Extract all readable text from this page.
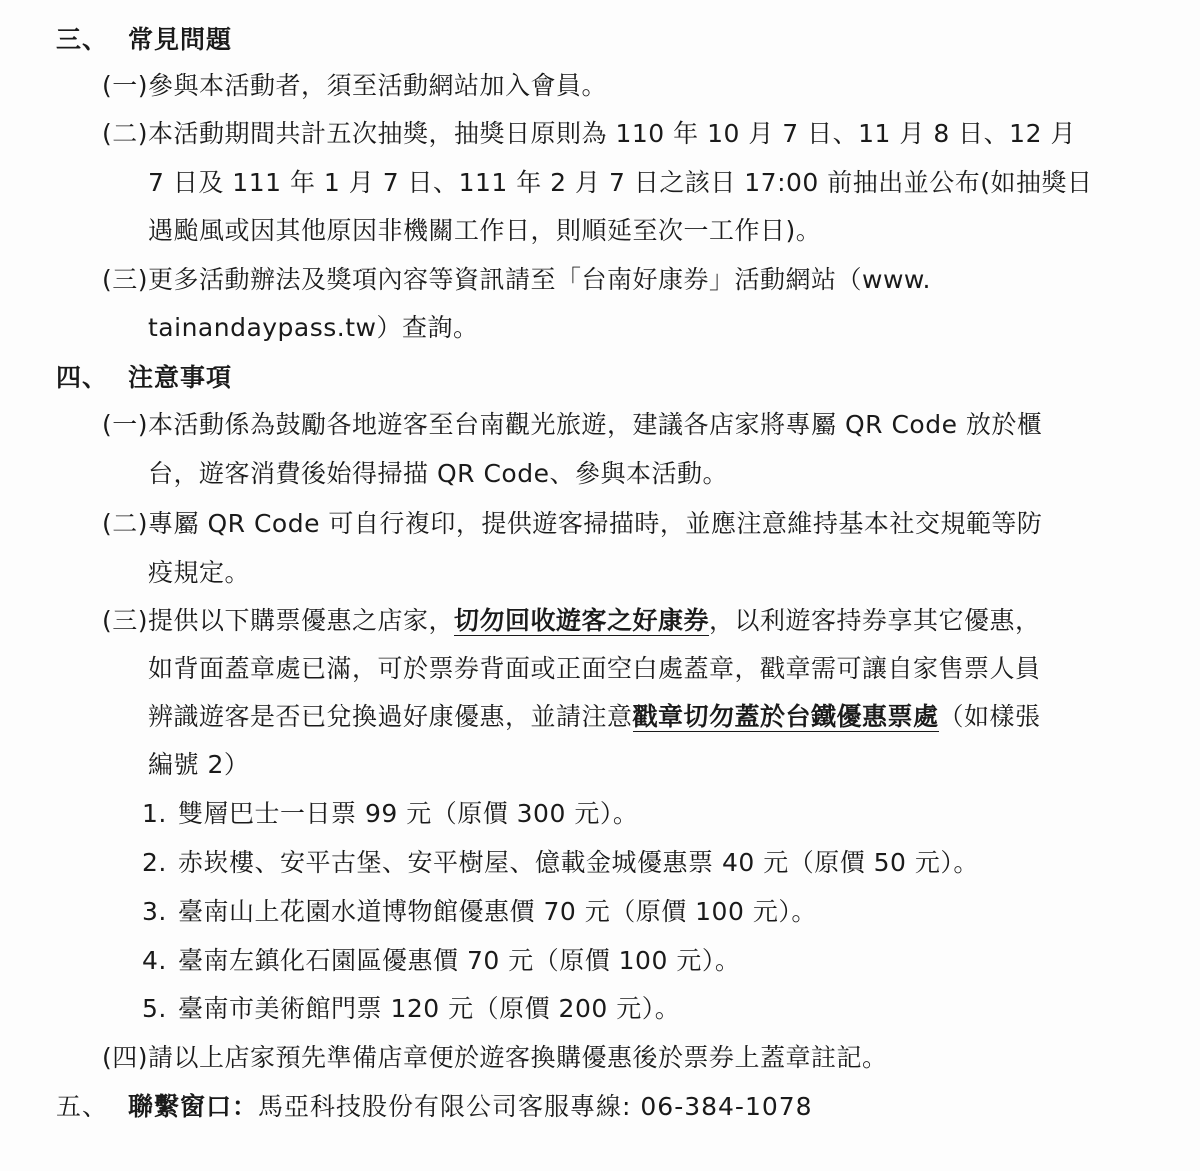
三、 常見問題
(一)參與本活動者，須至活動網站加入會員。
(二)本活動期間共計五次抽獎，抽獎日原則為 110 年 10 月 7 日、11 月 8 日、12 月
7 日及 111 年 1 月 7 日、111 年 2 月 7 日之該日 17:00 前抽出並公布(如抽獎日
遇颱風或因其他原因非機關工作日，則順延至次一工作日)。
(三)更多活動辦法及獎項內容等資訊請至「台南好康券」活動網站（www.
tainandaypass.tw）查詢。
四、 注意事項
(一)本活動係為鼓勵各地遊客至台南觀光旅遊，建議各店家將專屬 QR Code 放於櫃
台，遊客消費後始得掃描 QR Code、參與本活動。
(二)專屬 QR Code 可自行複印，提供遊客掃描時，並應注意維持基本社交規範等防
疫規定。
(三)提供以下購票優惠之店家，切勿回收遊客之好康券，以利遊客持券享其它優惠，
如背面蓋章處已滿，可於票券背面或正面空白處蓋章，戳章需可讓自家售票人員
辨識遊客是否已兌換過好康優惠，並請注意戳章切勿蓋於台鐵優惠票處（如樣張
編號 2）
1. 雙層巴士一日票 99 元（原價 300 元）。
2. 赤崁樓、安平古堡、安平樹屋、億載金城優惠票 40 元（原價 50 元）。
3. 臺南山上花園水道博物館優惠價 70 元（原價 100 元）。
4. 臺南左鎮化石園區優惠價 70 元（原價 100 元）。
5. 臺南市美術館門票 120 元（原價 200 元）。
(四)請以上店家預先準備店章便於遊客換購優惠後於票券上蓋章註記。
五、 聯繫窗口：馬亞科技股份有限公司客服專線: 06-384-1078
